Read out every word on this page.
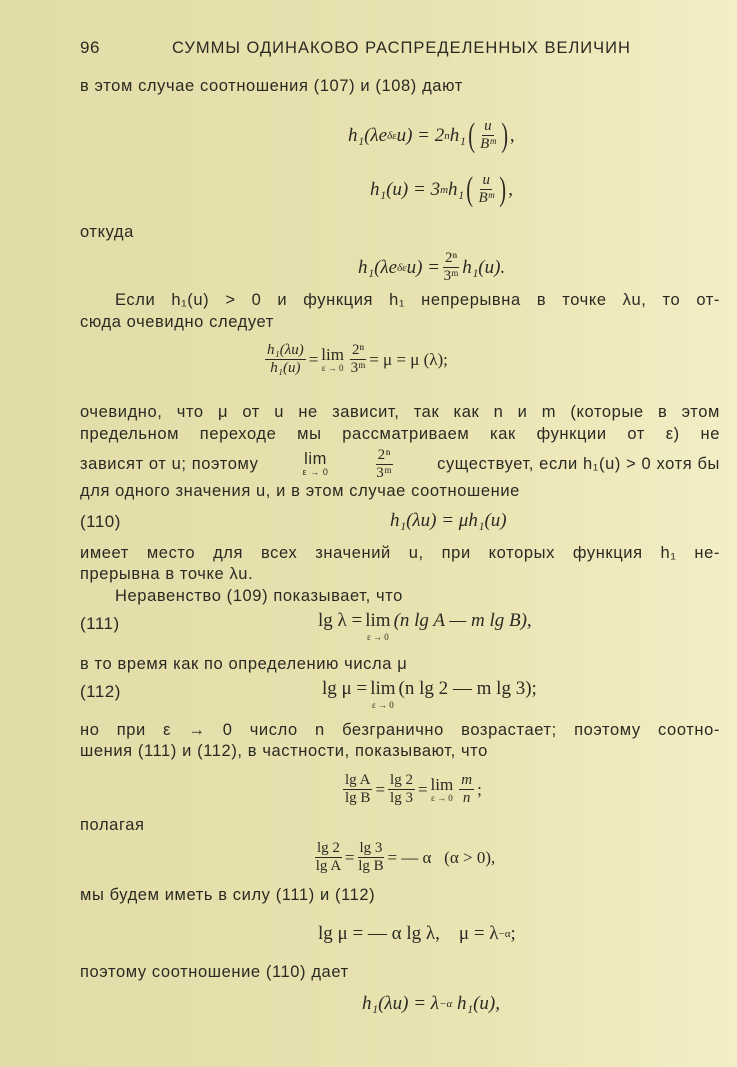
96	СУММЫ ОДИНАКОВО РАСПРЕДЕЛЕННЫХ ВЕЛИЧИН
в этом случае соотношения (107) и (108) дают
h₁(λe δε u) = 2 n h₁ ( $\frac{u}{\text{Bᵐ}}$ ) ,
h₁(u) = 3 m h₁ ( $\frac{u}{\text{Bᵐ}}$ ) ,
откуда
h₁(λe δε $u) = \frac{\text{2ⁿ}}{\text{3ᵐ}} h_1(u)$.
Если h₁(u) > 0 и функция h₁ непрерывна в точке λu, то от-
сюда очевидно следует
$\frac{\text{h₁(λu)}}{\text{h₁(u)}} = \lim$
$\varepsilon \to 0 \frac{\text{2ⁿ}}{\text{3ᵐ}} = \mu = \mu$ (λ);
очевидно, что μ от u не зависит, так как n и m (которые в этом
предельном переходе мы рассматриваем как функции от ε) не
зависят от u; поэтому	lim
ε → 0	$\frac{\text{2ⁿ}}{\text{3ᵐ}}$	существует, если h₁(u) > 0 хотя бы
для одного значения u, и в этом случае соотношение
(110)	h₁(λu) = μh₁(u)
имеет место для всех значений u, при которых функция h₁ не-
прерывна в точке λu.
Неравенство (109) показывает, что
(111)	lg λ = lim
ε → 0
(n lg A — m lg B),
в то время как по определению числа μ
(112)	lg μ = lim
ε → 0
(n lg 2 — m lg 3);
но при ε → 0 число n безгранично возрастает; поэтому соотно-
шения (111) и (112), в частности, показывают, что
$\frac{\text{lg A}}{\text{lg B}} = \frac{\lg 2}{\lg 3} = \lim$
$\varepsilon \to 0 \frac{m}{n}$ ;
полагая
$\frac{\lg 2}{\text{lg A}} = \frac{\lg 3}{\text{lg B}}$ = — α   (α > 0),
мы будем иметь в силу (111) и (112)
lg μ = — α lg λ,    μ = λ −α ;
поэтому соотношение (110) дает
h₁(λu) = λ −α h₁(u),
